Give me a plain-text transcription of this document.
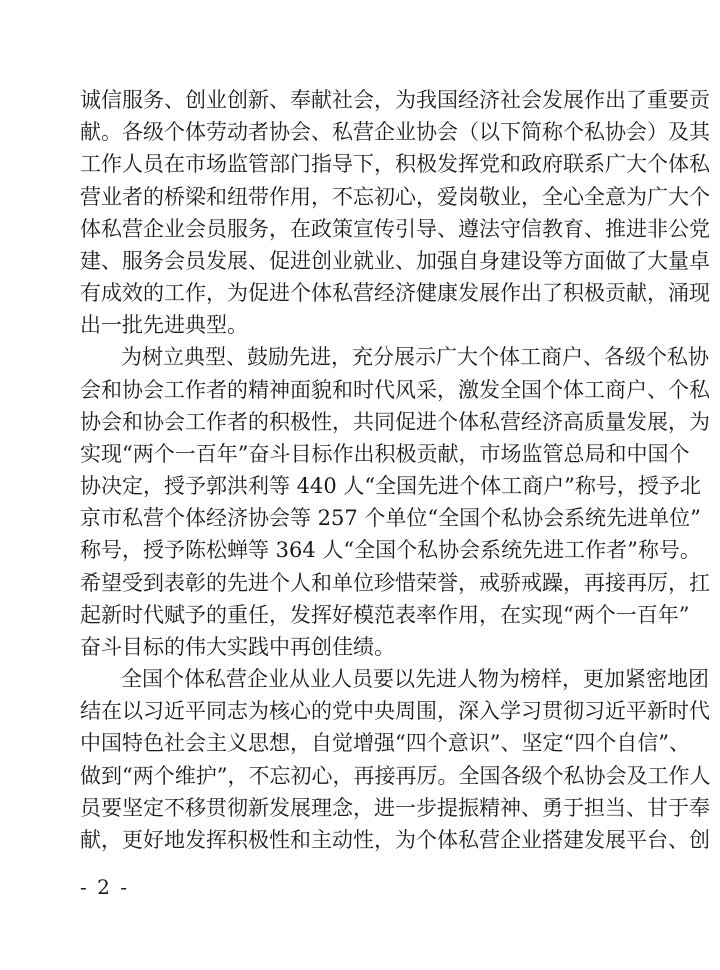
诚信服务、创业创新、奉献社会，为我国经济社会发展作出了重要贡
献。各级个体劳动者协会、私营企业协会（以下简称个私协会）及其
工作人员在市场监管部门指导下，积极发挥党和政府联系广大个体私
营业者的桥梁和纽带作用，不忘初心，爱岗敬业，全心全意为广大个
体私营企业会员服务，在政策宣传引导、遵法守信教育、推进非公党
建、服务会员发展、促进创业就业、加强自身建设等方面做了大量卓
有成效的工作，为促进个体私营经济健康发展作出了积极贡献，涌现
出一批先进典型。
为树立典型、鼓励先进，充分展示广大个体工商户、各级个私协
会和协会工作者的精神面貌和时代风采，激发全国个体工商户、个私
协会和协会工作者的积极性，共同促进个体私营经济高质量发展，为
实现“两个一百年”奋斗目标作出积极贡献，市场监管总局和中国个
协决定，授予郭洪利等 440 人“全国先进个体工商户”称号，授予北
京市私营个体经济协会等 257 个单位“全国个私协会系统先进单位”
称号，授予陈松蝉等 364 人“全国个私协会系统先进工作者”称号。
希望受到表彰的先进个人和单位珍惜荣誉，戒骄戒躁，再接再厉，扛
起新时代赋予的重任，发挥好模范表率作用，在实现“两个一百年”
奋斗目标的伟大实践中再创佳绩。
全国个体私营企业从业人员要以先进人物为榜样，更加紧密地团
结在以习近平同志为核心的党中央周围，深入学习贯彻习近平新时代
中国特色社会主义思想，自觉增强“四个意识”、坚定“四个自信”、
做到“两个维护”，不忘初心，再接再厉。全国各级个私协会及工作人
员要坚定不移贯彻新发展理念，进一步提振精神、勇于担当、甘于奉
献，更好地发挥积极性和主动性，为个体私营企业搭建发展平台、创
- 2 -
